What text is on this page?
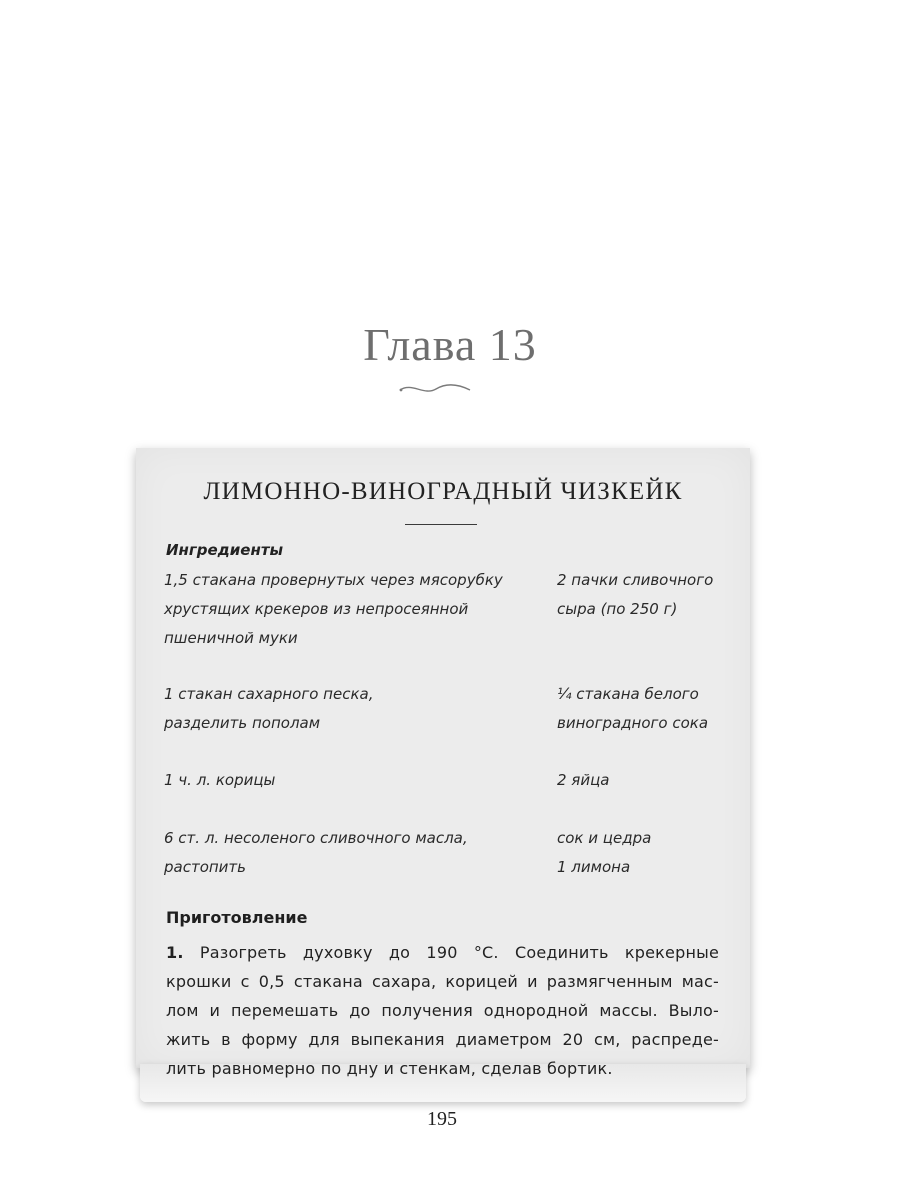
Глава 13
ЛИМОННО-ВИНОГРАДНЫЙ ЧИЗКЕЙК
Ингредиенты
1,5 стакана провернутых через мясорубку
хрустящих крекеров из непросеянной
пшеничной муки
1 стакан сахарного песка,
разделить пополам
1 ч. л. корицы
6 ст. л. несоленого сливочного масла,
растопить
2 пачки сливочного
сыра (по 250 г)
¼ стакана белого
виноградного сока
2 яйца
сок и цедра
1 лимона
Приготовление
1. Разогреть духовку до 190 °С. Соединить крекерные
крошки с 0,5 стакана сахара, корицей и размягченным мас-
лом и перемешать до получения однородной массы. Выло-
жить в форму для выпекания диаметром 20 см, распреде-
лить равномерно по дну и стенкам, сделав бортик.
195
